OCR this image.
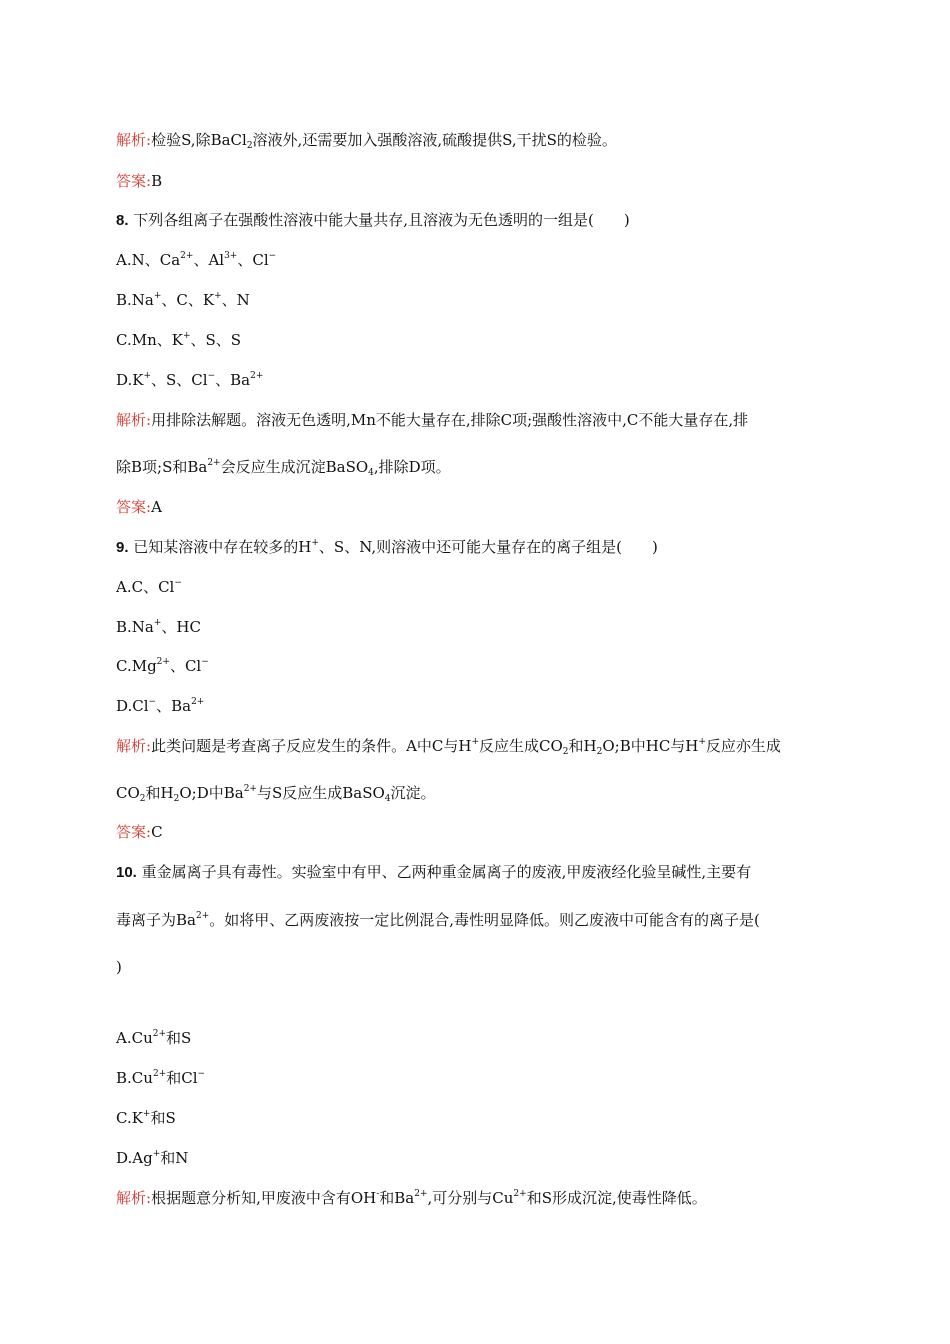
解析:检验S,除BaCl$_2$溶液外,还需要加入强酸溶液,硫酸提供S,干扰S的检验。
答案:B
8. 下列各组离子在强酸性溶液中能大量共存,且溶液为无色透明的一组是(　　)
A.N、$Ca^{2+}$、$Al^{3+}$、Cl−
B.Na+、C、K+、N
C.Mn、K+、S、S
D.K+、S、Cl−、$Ba^{2+}$
解析:用排除法解题。溶液无色透明,Mn不能大量存在,排除C项;强酸性溶液中,C不能大量存在,排
除B项;S和$Ba^{2+}$会反应生成沉淀BaSO$_4$,排除D项。
答案:A
9. 已知某溶液中存在较多的H+、S、N,则溶液中还可能大量存在的离子组是(　　)
A.C、Cl−
B.Na+、HC
$C.Mg^{2+}$、Cl−
D.Cl−、$Ba^{2+}$
解析:此类问题是考查离子反应发生的条件。A中C与H+反应生成$CO_2$和$H_2O;B$中HC与H+反应亦生成
$CO_2$和$H_2O;D$中$Ba^{2+}$与S反应生成BaSO$_4$沉淀。
答案:C
10. 重金属离子具有毒性。实验室中有甲、乙两种重金属离子的废液,甲废液经化验呈碱性,主要有
毒离子为$Ba^{2+}$。如将甲、乙两废液按一定比例混合,毒性明显降低。则乙废液中可能含有的离子是(
)
$A.Cu^{2+}$和S
$B.Cu^{2+}$和Cl−
C.K+和S
D.Ag+和N
解析:根据题意分析知,甲废液中含有OH-和$Ba^{2+}$,可分别与$Cu^{2+}$和S形成沉淀,使毒性降低。
